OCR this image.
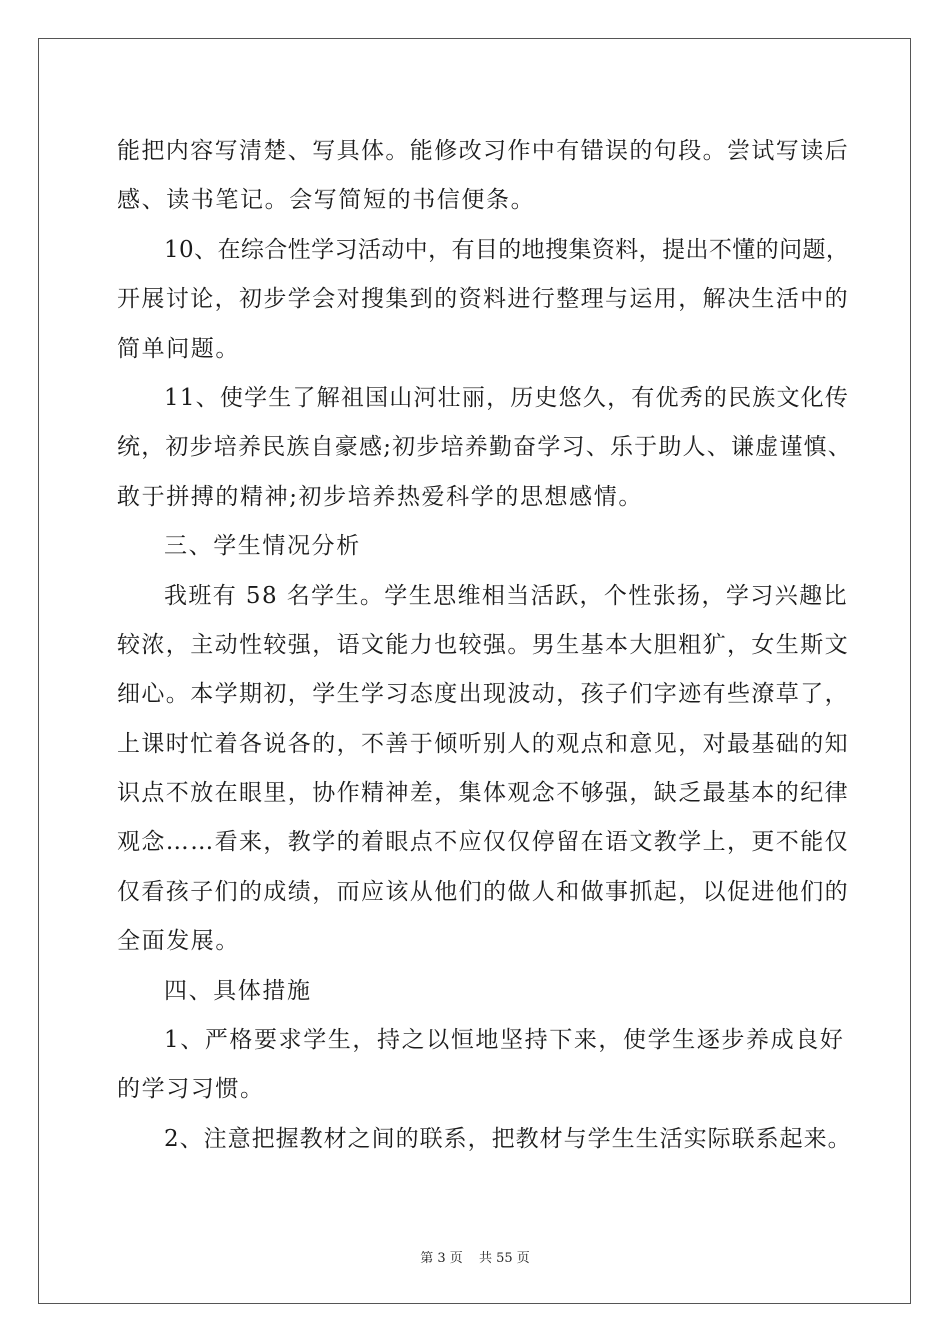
能把内容写清楚、写具体。能修改习作中有错误的句段。尝试写读后
感、读书笔记。会写简短的书信便条。
10、在综合性学习活动中，有目的地搜集资料，提出不懂的问题，
开展讨论，初步学会对搜集到的资料进行整理与运用，解决生活中的
简单问题。
11、使学生了解祖国山河壮丽，历史悠久，有优秀的民族文化传
统，初步培养民族自豪感;初步培养勤奋学习、乐于助人、谦虚谨慎、
敢于拼搏的精神;初步培养热爱科学的思想感情。
三、学生情况分析
我班有 58 名学生。学生思维相当活跃，个性张扬，学习兴趣比
较浓，主动性较强，语文能力也较强。男生基本大胆粗犷，女生斯文
细心。本学期初，学生学习态度出现波动，孩子们字迹有些潦草了，
上课时忙着各说各的，不善于倾听别人的观点和意见，对最基础的知
识点不放在眼里，协作精神差，集体观念不够强，缺乏最基本的纪律
观念……看来，教学的着眼点不应仅仅停留在语文教学上，更不能仅
仅看孩子们的成绩，而应该从他们的做人和做事抓起，以促进他们的
全面发展。
四、具体措施
1、严格要求学生，持之以恒地坚持下来，使学生逐步养成良好
的学习习惯。
2、注意把握教材之间的联系，把教材与学生生活实际联系起来。
第 3 页 共 55 页
